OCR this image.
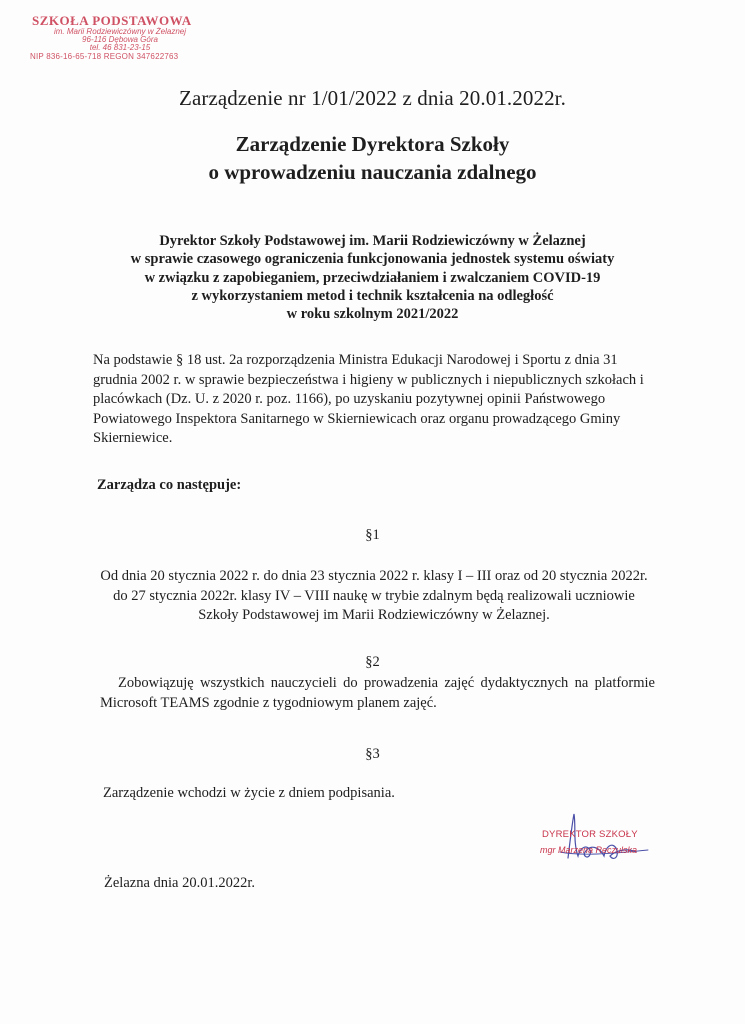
SZKOŁA PODSTAWOWA
im. Marii Rodziewiczówny w Żelaznej
96-116 Dębowa Góra
tel. 46 831-23-15
NIP 836-16-65-718 REGON 347622763
Zarządzenie nr 1/01/2022 z dnia 20.01.2022r.
Zarządzenie Dyrektora Szkoły
o wprowadzeniu nauczania zdalnego
Dyrektor Szkoły Podstawowej im. Marii Rodziewiczówny w Żelaznej
w sprawie czasowego ograniczenia funkcjonowania jednostek systemu oświaty
w związku z zapobieganiem, przeciwdziałaniem i zwalczaniem COVID-19
z wykorzystaniem metod i technik kształcenia na odległość
w roku szkolnym 2021/2022
Na podstawie § 18 ust. 2a rozporządzenia Ministra Edukacji Narodowej i Sportu z dnia 31 grudnia 2002 r. w sprawie bezpieczeństwa i higieny w publicznych i niepublicznych szkołach i placówkach (Dz. U. z 2020 r. poz. 1166), po uzyskaniu pozytywnej opinii Państwowego Powiatowego Inspektora Sanitarnego w Skierniewicach oraz organu prowadzącego Gminy Skierniewice.
Zarządza co następuje:
§1
Od dnia 20 stycznia 2022 r. do dnia 23 stycznia 2022 r. klasy I – III oraz od 20 stycznia 2022r. do 27 stycznia 2022r. klasy IV – VIII naukę w trybie zdalnym będą realizowali uczniowie Szkoły Podstawowej im Marii Rodziewiczówny w Żelaznej.
§2
Zobowiązuję wszystkich nauczycieli do prowadzenia zajęć dydaktycznych na platformie Microsoft TEAMS zgodnie z tygodniowym planem zajęć.
§3
Zarządzenie wchodzi w życie z dniem podpisania.
DYREKTOR SZKOŁY
mgr Marzena Reczulska
Żelazna dnia 20.01.2022r.
